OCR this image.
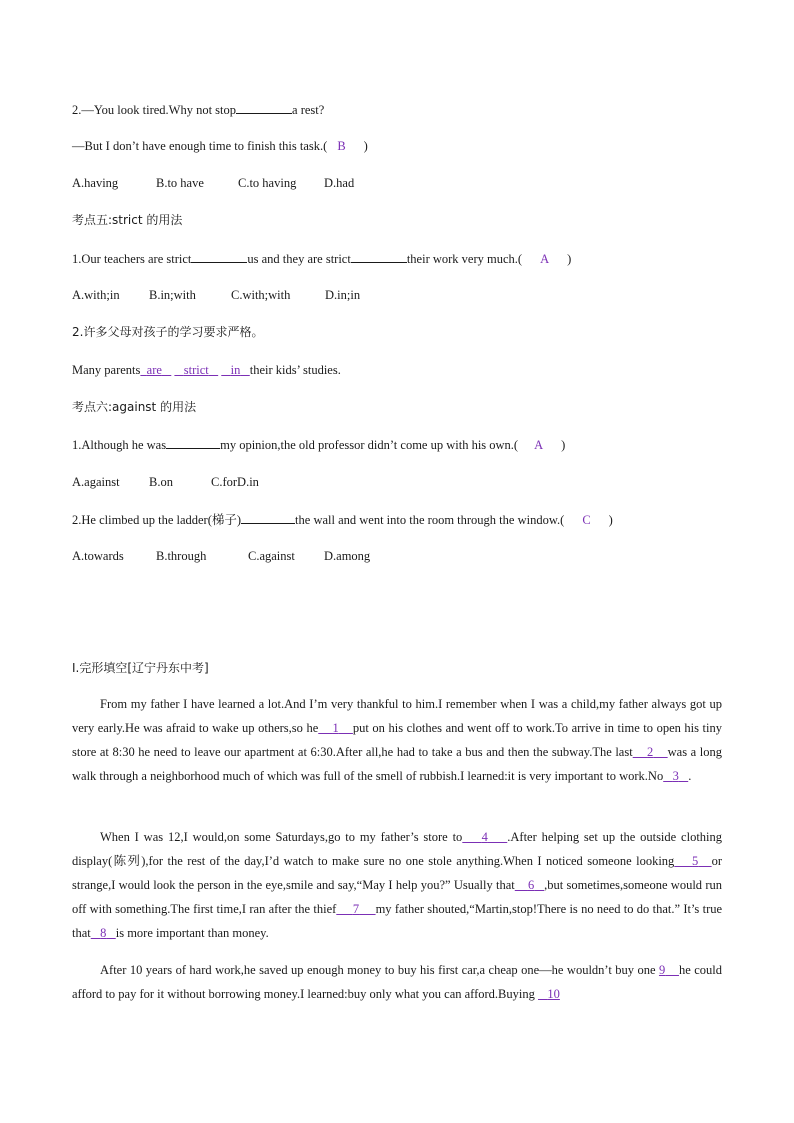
2.—You look tired.Why not stop	a rest?
—But I don’t have enough time to finish this task.( B )
A.having	B.to have	C.to having D.had
考点五:strict 的用法
1.Our teachers are strict	us and they are strict	their work very much.( A )
A.with;in B.in;with	C.with;with	D.in;in
2.许多父母对孩子的学习要求严格。
Many parents are strict in their kids’ studies.
考点六:against 的用法
1.Although he was	my opinion,the old professor didn’t come up with his own.( A )
A.against B.on	C.forD.in
2.He climbed up the ladder(梯子)	the wall and went into the room through the window.( C )
A.towards	B.through	C.against D.among
Ⅰ.完形填空[辽宁丹东中考]
From my father I have learned a lot.And I’m very thankful to him.I remember when I was a child,my father always got up very early.He was afraid to wake up others,so he 1 put on his clothes and went off to work.To arrive in time to open his tiny store at 8:30 he need to leave our apartment at 6:30.After all,he had to take a bus and then the subway.The last 2 was a long walk through a neighborhood much of which was full of the smell of rubbish.I learned:it is very important to work.No 3 .
When I was 12,I would,on some Saturdays,go to my father’s store to 4 .After helping set up the outside clothing display(陈列),for the rest of the day,I’d watch to make sure no one stole anything.When I noticed someone looking 5 or strange,I would look the person in the eye,smile and say,“May I help you?” Usually that 6 ,but sometimes,someone would run off with something.The first time,I ran after the thief 7 my father shouted,“Martin,stop!There is no need to do that.” It’s true that 8 is more important than money.
After 10 years of hard work,he saved up enough money to buy his first car,a cheap one—he wouldn’t buy one 9 he could afford to pay for it without borrowing money.I learned:buy only what you can afford.Buying 10
